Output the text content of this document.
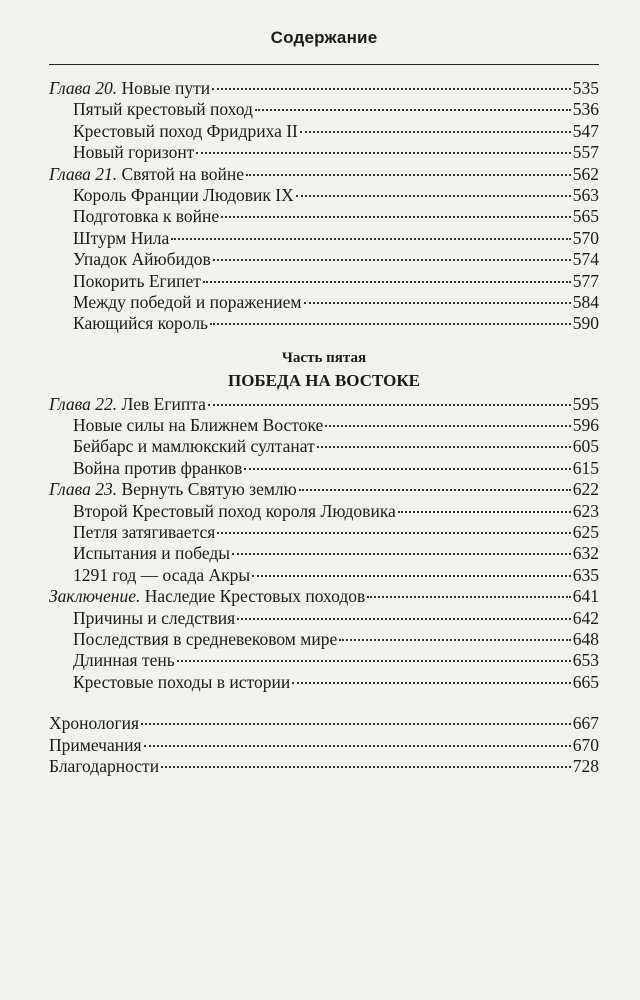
Содержание
Глава 20. Новые пути	535
Пятый крестовый поход	536
Крестовый поход Фридриха II	547
Новый горизонт	557
Глава 21. Святой на войне	562
Король Франции Людовик IX	563
Подготовка к войне	565
Штурм Нила	570
Упадок Айюбидов	574
Покорить Египет	577
Между победой и поражением	584
Кающийся король	590
Часть пятая
ПОБЕДА НА ВОСТОКЕ
Глава 22. Лев Египта	595
Новые силы на Ближнем Востоке	596
Бейбарс и мамлюкский султанат	605
Война против франков	615
Глава 23. Вернуть Святую землю	622
Второй Крестовый поход короля Людовика	623
Петля затягивается	625
Испытания и победы	632
1291 год — осада Акры	635
Заключение. Наследие Крестовых походов	641
Причины и следствия	642
Последствия в средневековом мире	648
Длинная тень	653
Крестовые походы в истории	665
Хронология	667
Примечания	670
Благодарности	728
